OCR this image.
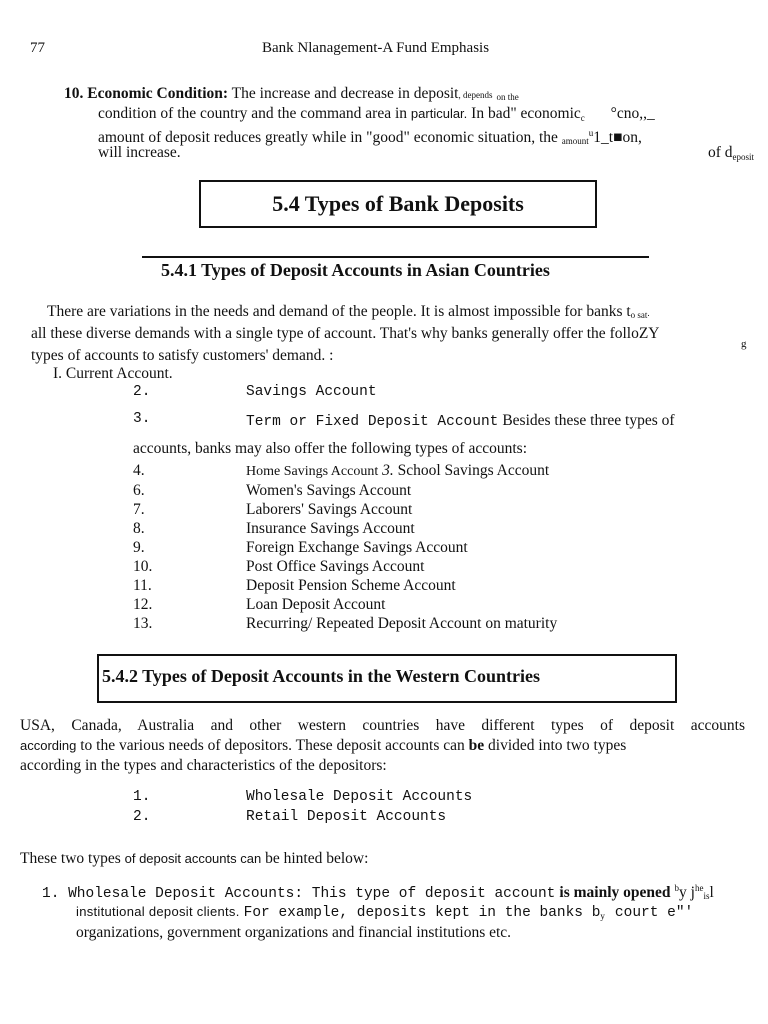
77	Bank Nlanagement-A Fund Emphasis
10. Economic Condition: The increase and decrease in deposit, depends on the
condition of the country and the command area in particular. In bad" economicc °cno,,_
amount of deposit reduces greatly while in "good" economic situation, the amount$^u$1_t■on,
will increase.	of deposit
5.4 Types of Bank Deposits
5.4.1 Types of Deposit Accounts in Asian Countries
There are variations in the needs and demand of the people. It is almost impossible for banks to sat.
all these diverse demands with a single type of account. That's why banks generally offer the folloZY
g
types of accounts to satisfy customers' demand. :
I. Current Account.
2.	Savings Account
3.	Term or Fixed Deposit Account Besides these three types of
accounts, banks may also offer the following types of accounts:
4.	Home Savings Account 3. School Savings Account
6.	Women's Savings Account
7.	Laborers' Savings Account
8.	Insurance Savings Account
9.	Foreign Exchange Savings Account
10.	Post Office Savings Account
11.	Deposit Pension Scheme Account
12.	Loan Deposit Account
13.	Recurring/ Repeated Deposit Account on maturity
5.4.2 Types of Deposit Accounts in the Western Countries
USA, Canada, Australia and other western countries have different types of deposit accounts
according to the various needs of depositors. These deposit accounts can be divided into two types
according in the types and characteristics of the depositors:
1.	Wholesale Deposit Accounts
2.	Retail Deposit Accounts
These two types of deposit accounts can be hinted below:
1. Wholesale Deposit Accounts: This type of deposit account is mainly opened $^b$y $j^{he}isl$
institutional deposit clients. For example, deposits kept in the banks by court e"'
organizations, government organizations and financial institutions etc.
